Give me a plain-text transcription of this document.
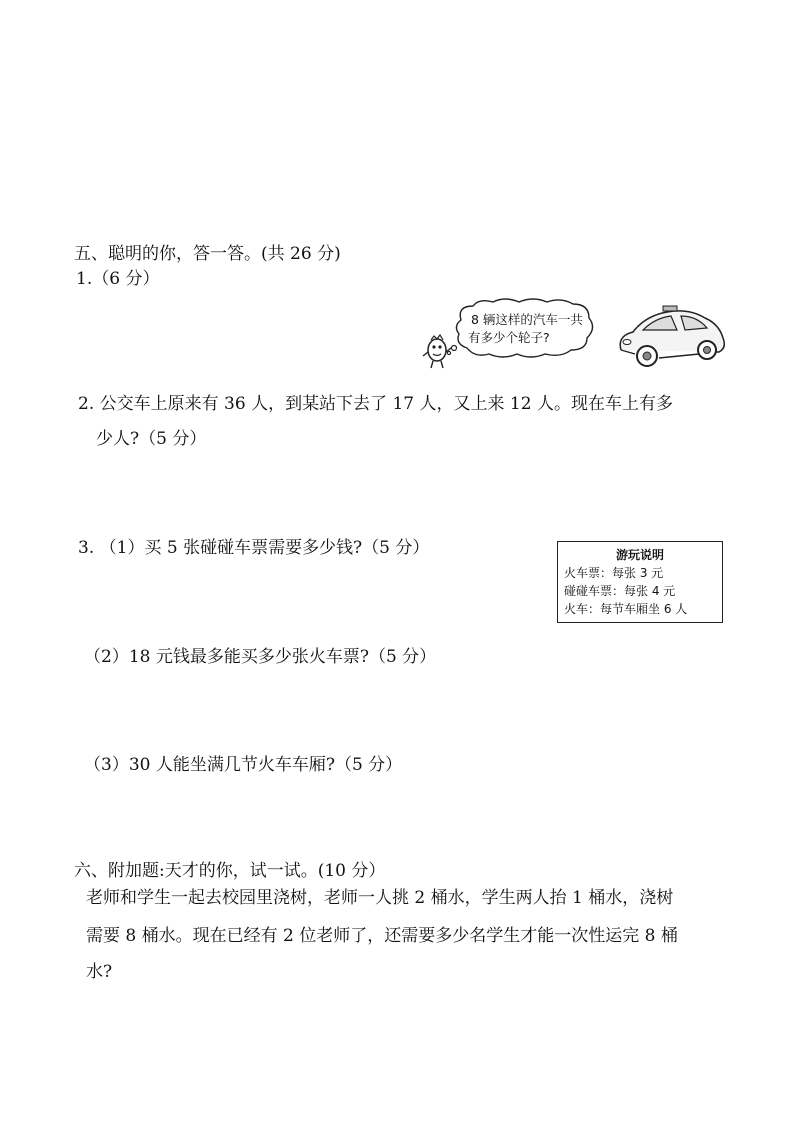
五、聪明的你，答一答。(共 26 分)
1.（6 分）
8 辆这样的汽车一共
有多少个轮子?
2. 公交车上原来有 36 人，到某站下去了 17 人，又上来 12 人。现在车上有多
少人?（5 分）
3. （1）买 5 张碰碰车票需要多少钱?（5 分）	游玩说明
火车票：每张 3 元
碰碰车票：每张 4 元
火车：每节车厢坐 6 人
（2）18 元钱最多能买多少张火车票?（5 分）
（3）30 人能坐满几节火车车厢?（5 分）
六、附加题:天才的你，试一试。(10 分）
老师和学生一起去校园里浇树，老师一人挑 2 桶水，学生两人抬 1 桶水，浇树
需要 8 桶水。现在已经有 2 位老师了，还需要多少名学生才能一次性运完 8 桶
水?
